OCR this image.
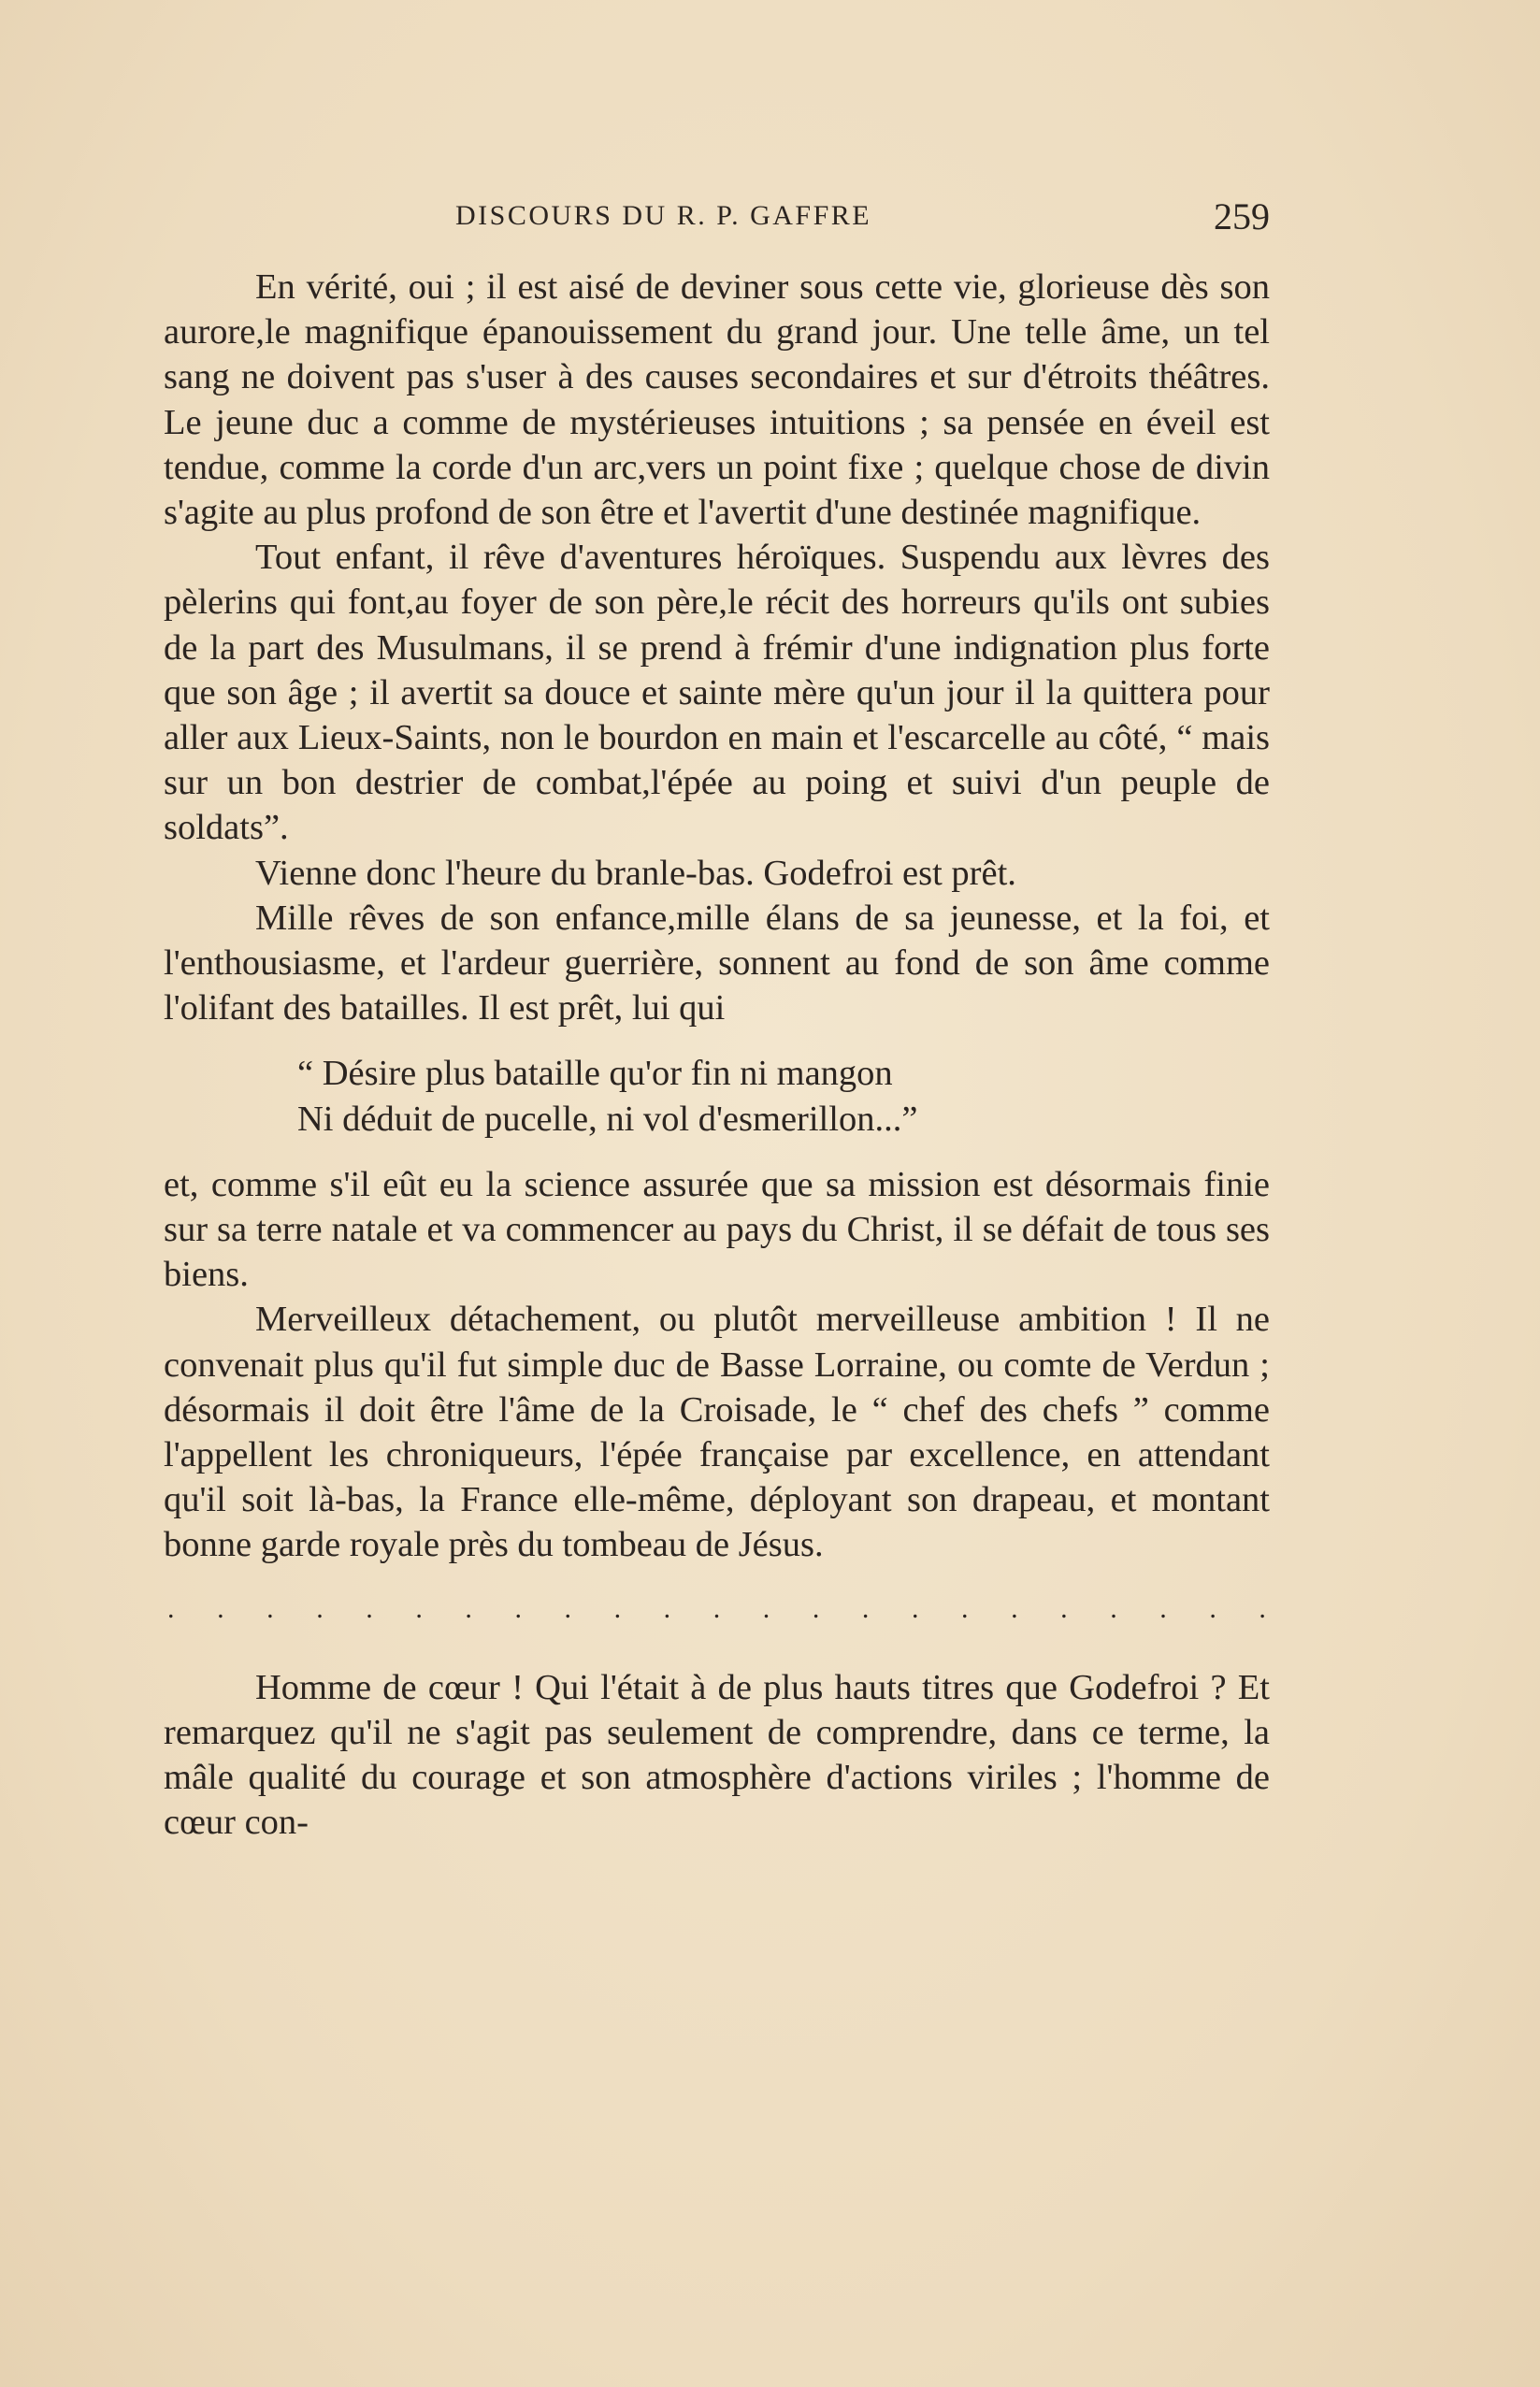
DISCOURS DU R. P. GAFFRE	259

En vérité, oui ; il est aisé de deviner sous cette vie, glorieuse dès son aurore,le magnifique épanouissement du grand jour. Une telle âme, un tel sang ne doivent pas s'user à des causes secondaires et sur d'étroits théâtres. Le jeune duc a comme de mystérieuses intuitions ; sa pensée en éveil est tendue, comme la corde d'un arc,vers un point fixe ; quelque chose de divin s'agite au plus profond de son être et l'avertit d'une destinée magnifique.

Tout enfant, il rêve d'aventures héroïques. Suspendu aux lèvres des pèlerins qui font,au foyer de son père,le récit des horreurs qu'ils ont subies de la part des Musulmans, il se prend à frémir d'une indignation plus forte que son âge ; il avertit sa douce et sainte mère qu'un jour il la quittera pour aller aux Lieux-Saints, non le bourdon en main et l'escarcelle au côté, “ mais sur un bon destrier de combat,l'épée au poing et suivi d'un peuple de soldats”.

Vienne donc l'heure du branle-bas. Godefroi est prêt.

Mille rêves de son enfance,mille élans de sa jeunesse, et la foi, et l'enthousiasme, et l'ardeur guerrière, sonnent au fond de son âme comme l'olifant des batailles. Il est prêt, lui qui

“ Désire plus bataille qu'or fin ni mangon
Ni déduit de pucelle, ni vol d'esmerillon...”

et, comme s'il eût eu la science assurée que sa mission est désormais finie sur sa terre natale et va commencer au pays du Christ, il se défait de tous ses biens.

Merveilleux détachement, ou plutôt merveilleuse ambition ! Il ne convenait plus qu'il fut simple duc de Basse Lorraine, ou comte de Verdun ; désormais il doit être l'âme de la Croisade, le “ chef des chefs ” comme l'appellent les chroniqueurs, l'épée française par excellence, en attendant qu'il soit là-bas, la France elle-même, déployant son drapeau, et montant bonne garde royale près du tombeau de Jésus.

. . . . . . . . . . . . . . . . . . . . . . .

Homme de cœur ! Qui l'était à de plus hauts titres que Godefroi ? Et remarquez qu'il ne s'agit pas seulement de comprendre, dans ce terme, la mâle qualité du courage et son atmosphère d'actions viriles ; l'homme de cœur con-
